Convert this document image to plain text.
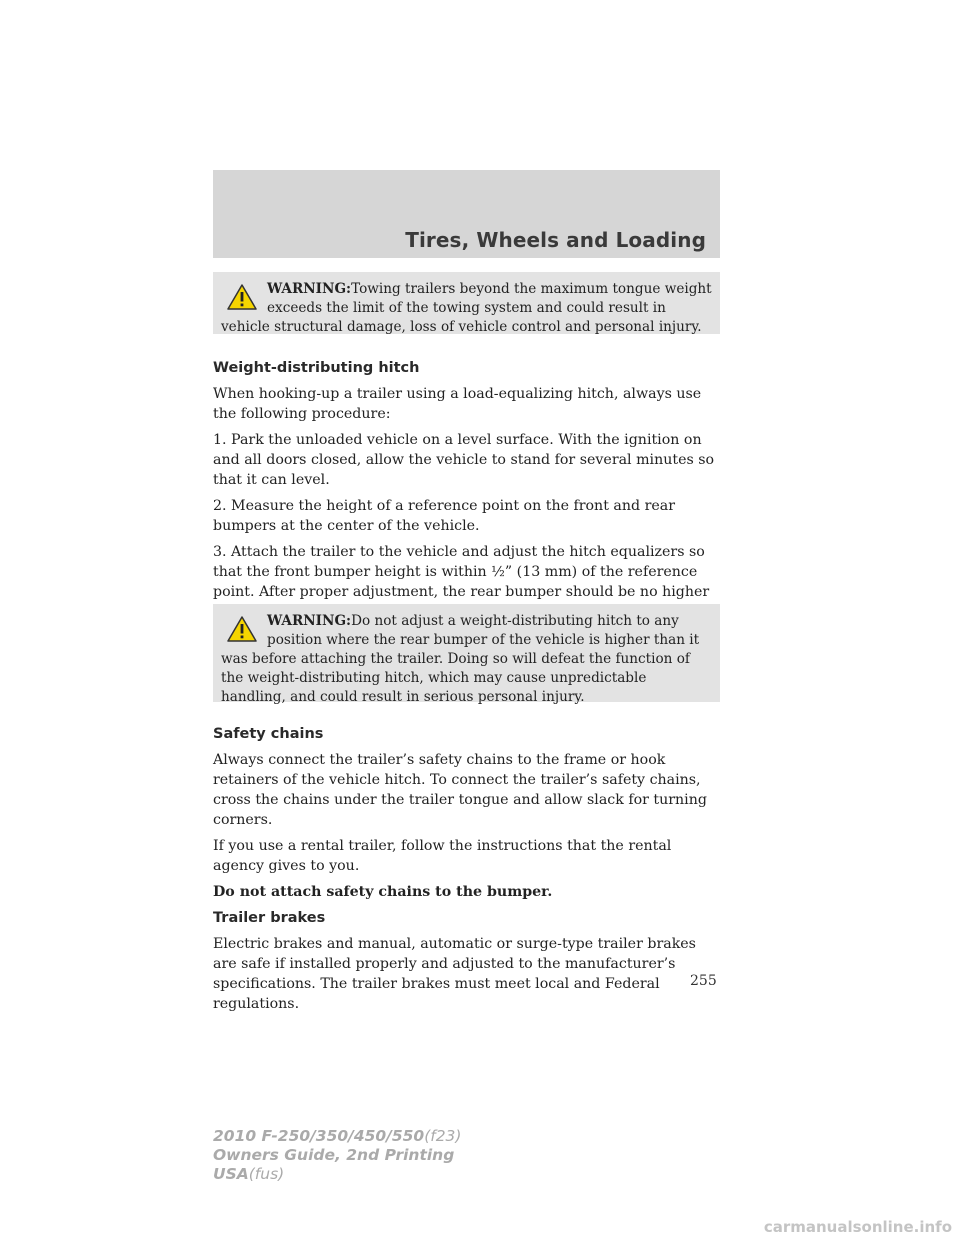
Tires, Wheels and Loading

WARNING:Towing trailers beyond the maximum tongue weight

exceeds the limit of the towing system and could result in

vehicle structural damage, loss of vehicle control and personal injury.

Weight-distributing hitch

When hooking-up a trailer using a load-equalizing hitch, always use the following procedure:

1. Park the unloaded vehicle on a level surface. With the ignition on and all doors closed, allow the vehicle to stand for several minutes so that it can level.

2. Measure the height of a reference point on the front and rear bumpers at the center of the vehicle.

3. Attach the trailer to the vehicle and adjust the hitch equalizers so that the front bumper height is within ½” (13 mm) of the reference point. After proper adjustment, the rear bumper should be no higher

WARNING:Do not adjust a weight-distributing hitch to any

position where the rear bumper of the vehicle is higher than it

was before attaching the trailer. Doing so will defeat the function of the weight-distributing hitch, which may cause unpredictable handling, and could result in serious personal injury.

Safety chains

Always connect the trailer’s safety chains to the frame or hook retainers of the vehicle hitch. To connect the trailer’s safety chains, cross the chains under the trailer tongue and allow slack for turning corners.

If you use a rental trailer, follow the instructions that the rental agency gives to you.

Do not attach safety chains to the bumper.

Trailer brakes

Electric brakes and manual, automatic or surge-type trailer brakes are safe if installed properly and adjusted to the manufacturer’s specifications. The trailer brakes must meet local and Federal regulations.

255
2010 F-250/350/450/550(f23)
Owners Guide, 2nd Printing
USA(fus)
carmanualsonline.info
